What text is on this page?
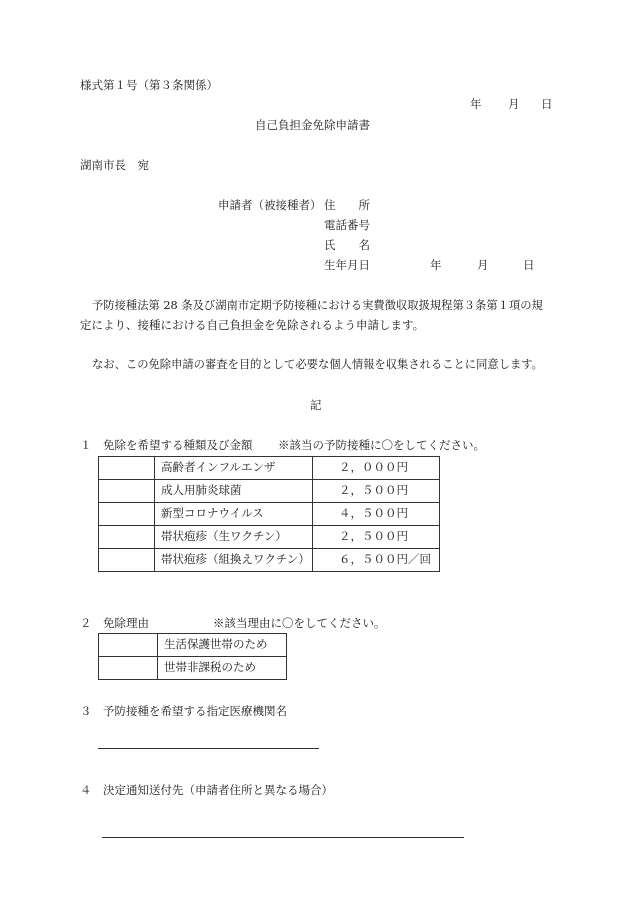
様式第１号（第３条関係）
年 月 日
自己負担金免除申請書
湖南市長　宛
申請者（被接種者） 住　　所
電話番号
氏　　名
生年月日	年	月	日
予防接種法第 28 条及び湖南市定期予防接種における実費徴収取扱規程第３条第１項の規
定により、接種における自己負担金を免除されるよう申請します。
なお、この免除申請の審査を目的として必要な個人情報を収集されることに同意します。
記
１ 免除を希望する種類及び金額 ※該当の予防接種に〇をしてください。
	高齢者インフルエンザ	２，０００円
	成人用肺炎球菌	２，５００円
	新型コロナウイルス	４，５００円
	帯状疱疹（生ワクチン）	２，５００円
	帯状疱疹（組換えワクチン）	６，５００円／回
２ 免除理由	※該当理由に〇をしてください。
	生活保護世帯のため
	世帯非課税のため
３ 予防接種を希望する指定医療機関名
４ 決定通知送付先（申請者住所と異なる場合）
